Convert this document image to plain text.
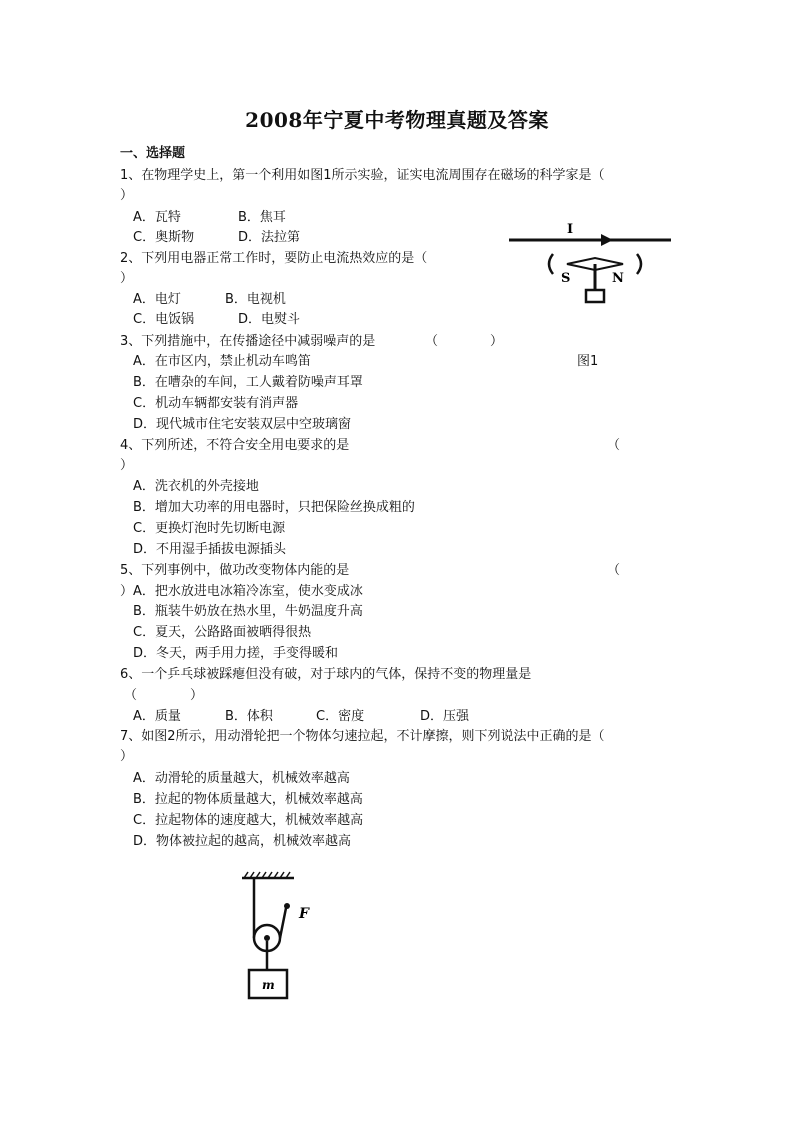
2008年宁夏中考物理真题及答案
一、选择题
1、在物理学史上，第一个利用如图1所示实验，证实电流周围存在磁场的科学家是（
）
A．瓦特	B．焦耳
C．奥斯物	D．法拉第
2、下列用电器正常工作时，要防止电流热效应的是（
）
A．电灯	B．电视机
C．电饭锅	D．电熨斗
3、下列措施中，在传播途径中减弱噪声的是	（	）
A．在市区内，禁止机动车鸣笛
B．在嘈杂的车间，工人戴着防噪声耳罩
C．机动车辆都安装有消声器
D．现代城市住宅安装双层中空玻璃窗
4、下列所述，不符合安全用电要求的是	（
）
A．洗衣机的外壳接地
B．增加大功率的用电器时，只把保险丝换成粗的
C．更换灯泡时先切断电源
D．不用湿手插拔电源插头
5、下列事例中，做功改变物体内能的是	（
） A．把水放进电冰箱冷冻室，使水变成冰
B．瓶装牛奶放在热水里，牛奶温度升高
C．夏天，公路路面被晒得很热
D．冬天，两手用力搓，手变得暖和
6、一个乒乓球被踩瘪但没有破，对于球内的气体，保持不变的物理量是
（	）
A．质量	B．体积	C．密度	D．压强
7、如图2所示，用动滑轮把一个物体匀速拉起，不计摩擦，则下列说法中正确的是（
）
A．动滑轮的质量越大，机械效率越高
B．拉起的物体质量越大，机械效率越高
C．拉起物体的速度越大，机械效率越高
D．物体被拉起的越高，机械效率越高
I
S	N
图1
F
m
